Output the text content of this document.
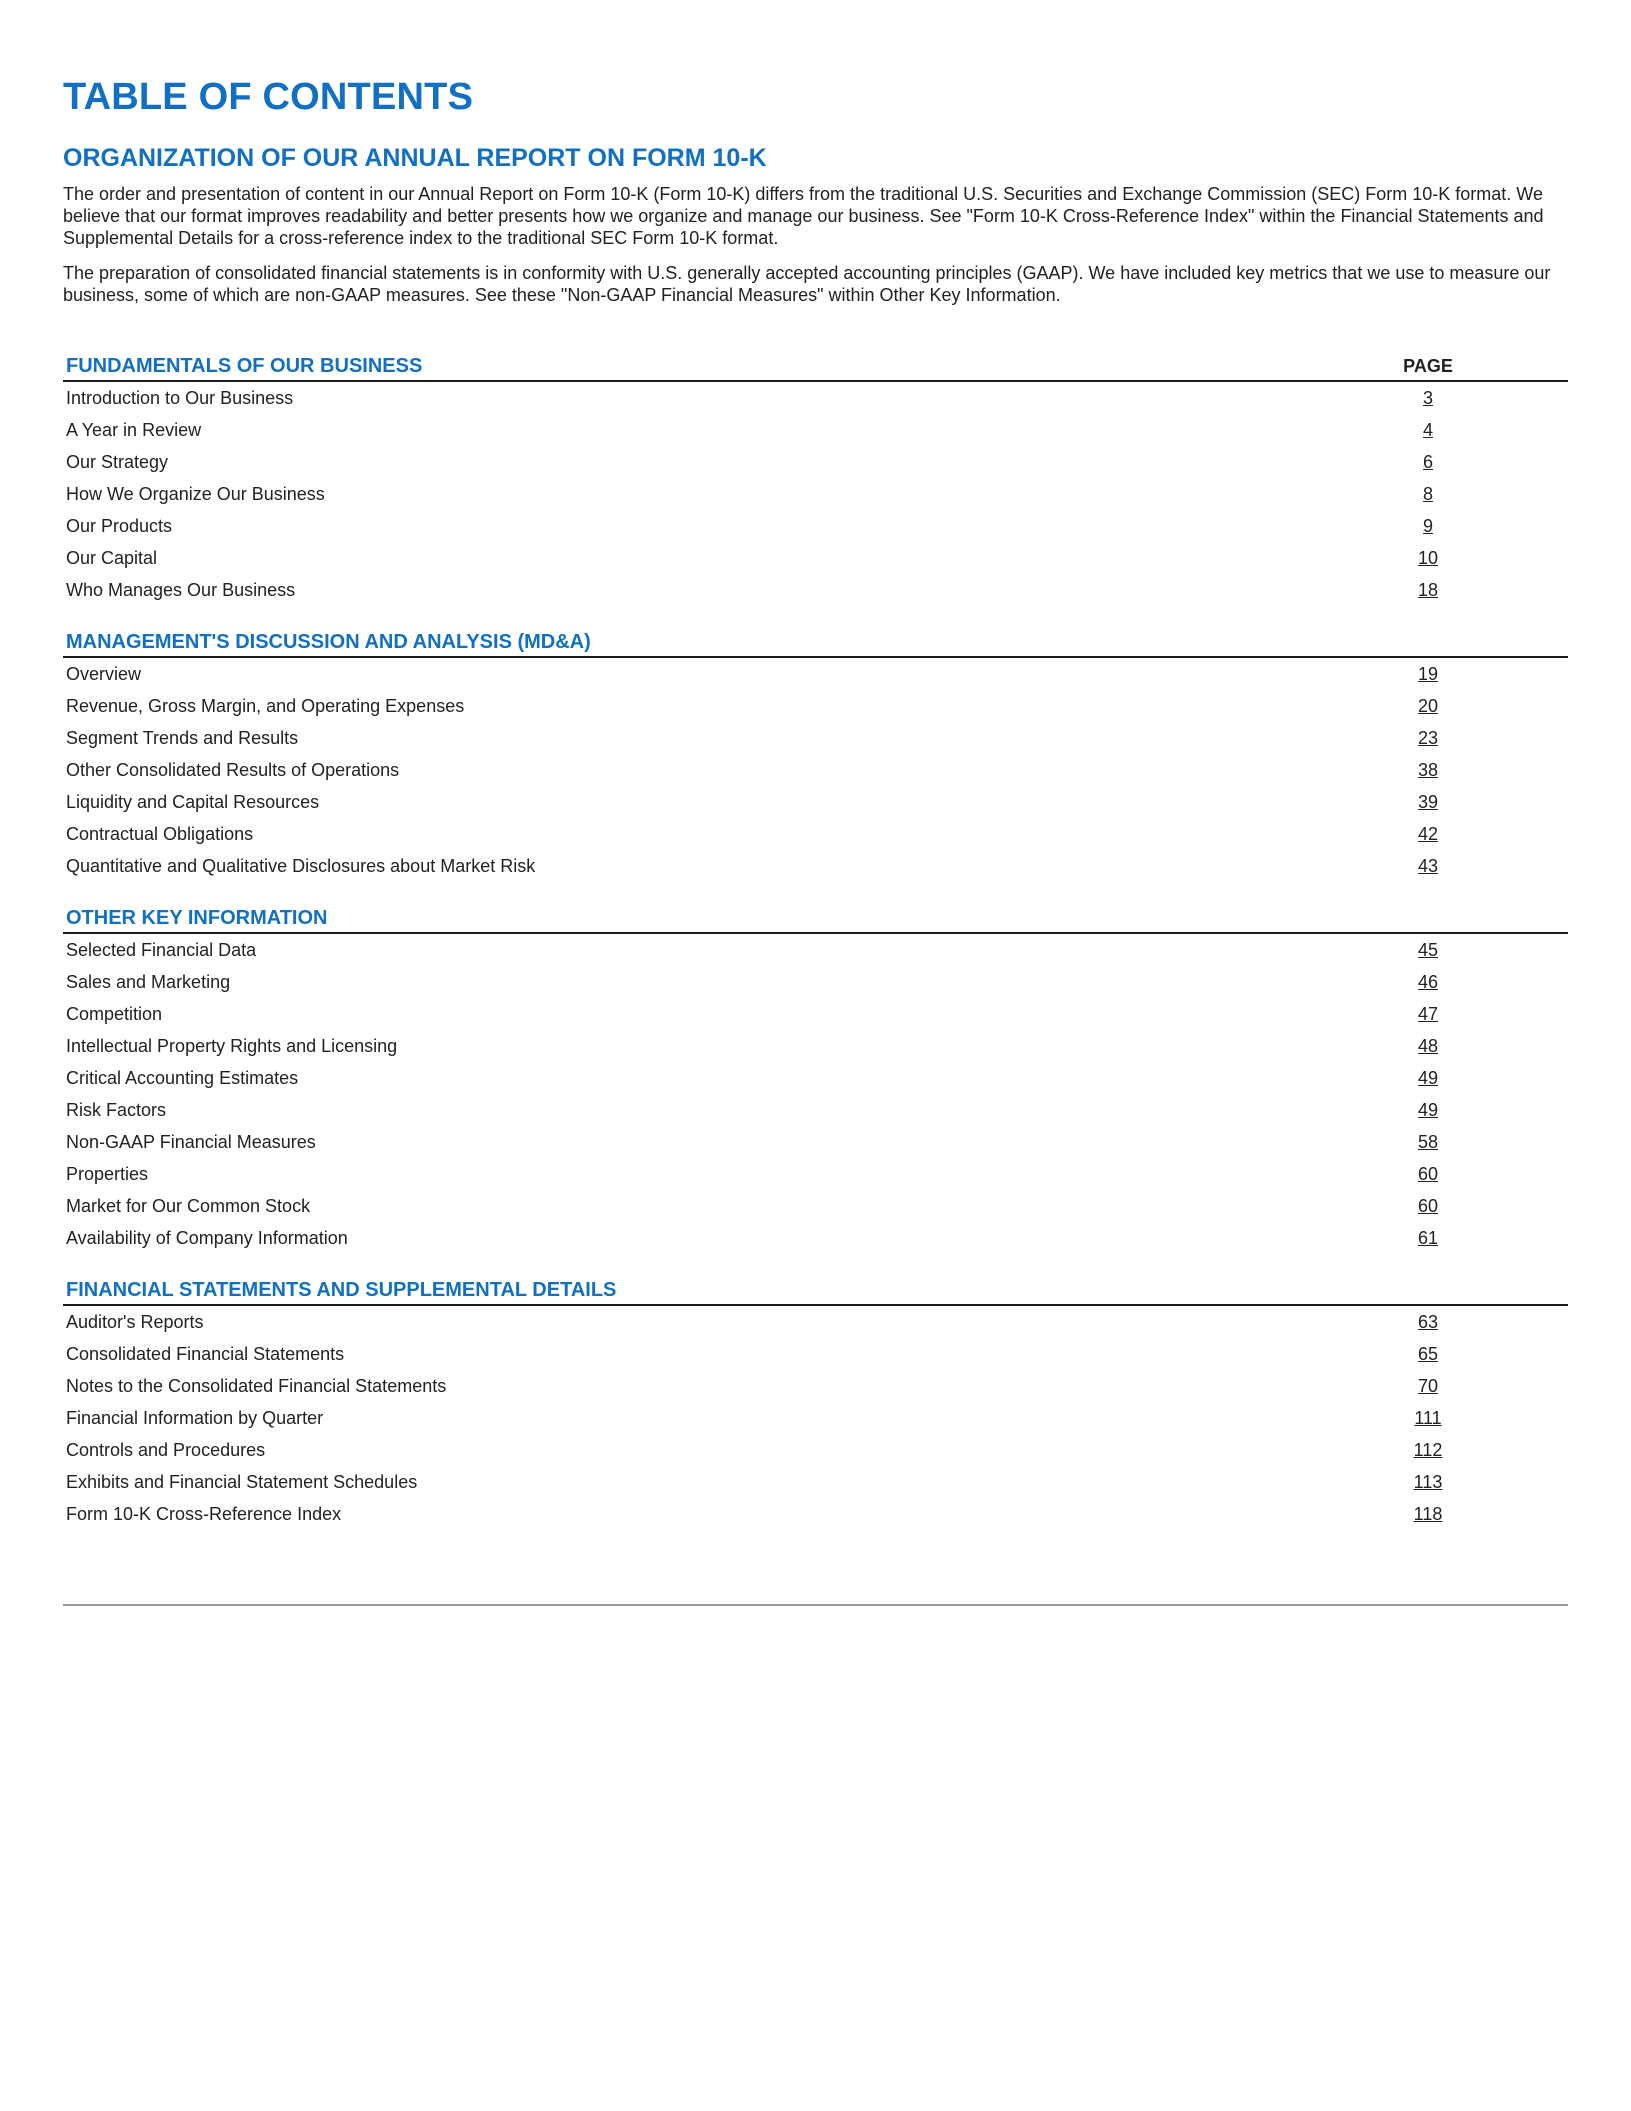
TABLE OF CONTENTS
ORGANIZATION OF OUR ANNUAL REPORT ON FORM 10-K

The order and presentation of content in our Annual Report on Form 10-K (Form 10-K) differs from the traditional U.S. Securities and Exchange Commission (SEC) Form 10-K format. We believe that our format improves readability and better presents how we organize and manage our business. See "Form 10-K Cross-Reference Index" within the Financial Statements and Supplemental Details for a cross-reference index to the traditional SEC Form 10-K format.

The preparation of consolidated financial statements is in conformity with U.S. generally accepted accounting principles (GAAP). We have included key metrics that we use to measure our business, some of which are non-GAAP measures. See these "Non-GAAP Financial Measures" within Other Key Information.

FUNDAMENTALS OF OUR BUSINESS	PAGE
Introduction to Our Business	3
A Year in Review	4
Our Strategy	6
How We Organize Our Business	8
Our Products	9
Our Capital	10
Who Manages Our Business	18
MANAGEMENT'S DISCUSSION AND ANALYSIS (MD&A)
Overview	19
Revenue, Gross Margin, and Operating Expenses	20
Segment Trends and Results	23
Other Consolidated Results of Operations	38
Liquidity and Capital Resources	39
Contractual Obligations	42
Quantitative and Qualitative Disclosures about Market Risk	43
OTHER KEY INFORMATION
Selected Financial Data	45
Sales and Marketing	46
Competition	47
Intellectual Property Rights and Licensing	48
Critical Accounting Estimates	49
Risk Factors	49
Non-GAAP Financial Measures	58
Properties	60
Market for Our Common Stock	60
Availability of Company Information	61
FINANCIAL STATEMENTS AND SUPPLEMENTAL DETAILS
Auditor's Reports	63
Consolidated Financial Statements	65
Notes to the Consolidated Financial Statements	70
Financial Information by Quarter	111
Controls and Procedures	112
Exhibits and Financial Statement Schedules	113
Form 10-K Cross-Reference Index	118
